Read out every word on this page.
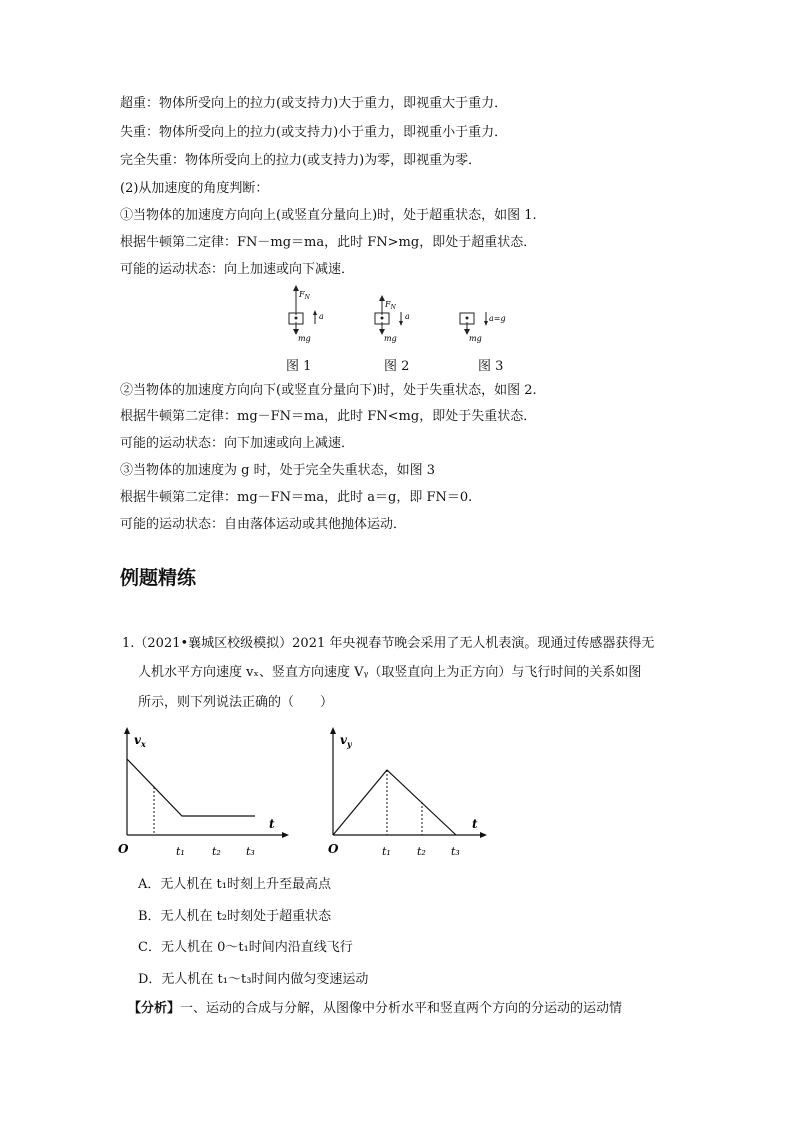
超重：物体所受向上的拉力(或支持力)大于重力，即视重大于重力．
失重：物体所受向上的拉力(或支持力)小于重力，即视重小于重力．
完全失重：物体所受向上的拉力(或支持力)为零，即视重为零．
(2)从加速度的角度判断：
①当物体的加速度方向向上(或竖直分量向上)时，处于超重状态，如图 1.
根据牛顿第二定律：FN－mg＝ma，此时 FN>mg，即处于超重状态．
可能的运动状态：向上加速或向下减速．
$F_N$
a
mg
$F_N$
a
mg
a=g
mg
图 1	图 2	图 3
②当物体的加速度方向向下(或竖直分量向下)时，处于失重状态，如图 2.
根据牛顿第二定律：mg－FN＝ma，此时 FN<mg，即处于失重状态．
可能的运动状态：向下加速或向上减速．
③当物体的加速度为 g 时，处于完全失重状态，如图 3
根据牛顿第二定律：mg－FN＝ma，此时 a＝g，即 FN＝0.
可能的运动状态：自由落体运动或其他抛体运动．
例题精练
1.（2021•襄城区校级模拟）2021 年央视春节晚会采用了无人机表演。现通过传感器获得无
人机水平方向速度 vₓ、竖直方向速度 Vᵧ（取竖直向上为正方向）与飞行时间的关系如图
所示，则下列说法正确的（　　）
$v_x$
t
O	t₁ t₂ t₃
$v_y$
t
O	t₁ t₂ t₃
A．无人机在 t₁时刻上升至最高点
B．无人机在 t₂时刻处于超重状态
C．无人机在 0～t₁时间内沿直线飞行
D．无人机在 t₁～t₃时间内做匀变速运动
【分析】一、运动的合成与分解，从图像中分析水平和竖直两个方向的分运动的运动情
